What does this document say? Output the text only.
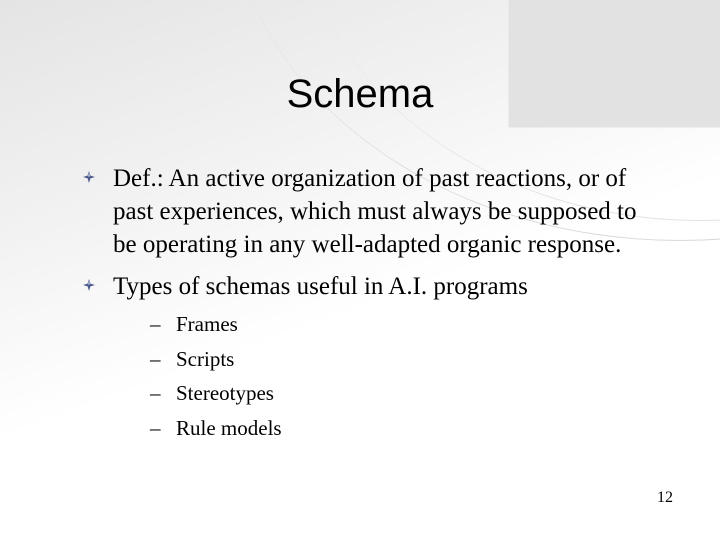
Schema
Def.: An active organization of past reactions, or of past experiences, which must always be supposed to be operating in any well-adapted organic response.
Types of schemas useful in A.I. programs
– Frames
– Scripts
– Stereotypes
– Rule models
12
